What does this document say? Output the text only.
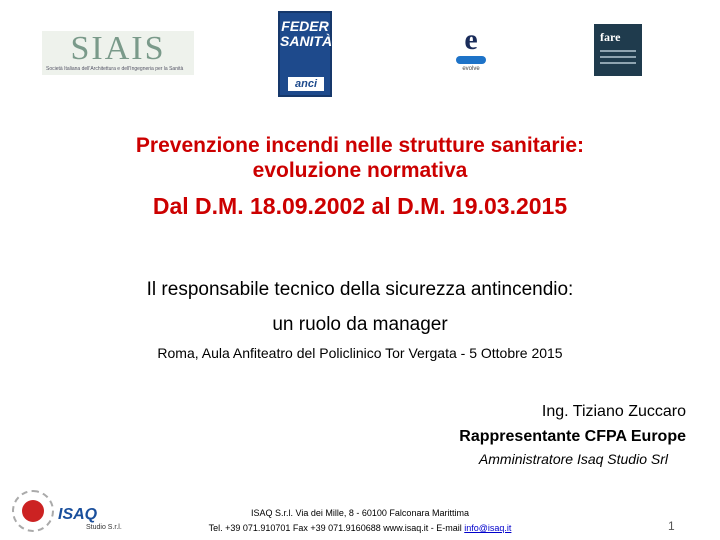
SIAIS
Società Italiana dell'Architettura e dell'Ingegneria per la Sanità
FEDER SANITÀ
anci
e
evolve
fare
Prevenzione incendi nelle strutture sanitarie:
evoluzione normativa
Dal D.M. 18.09.2002 al D.M. 19.03.2015
Il responsabile tecnico della sicurezza antincendio:
un ruolo da manager
Roma, Aula Anfiteatro del Policlinico Tor Vergata - 5 Ottobre 2015
Ing. Tiziano Zuccaro
Rappresentante CFPA Europe
Amministratore Isaq Studio Srl
ISAQ
Studio S.r.l.
ISAQ S.r.l. Via dei Mille, 8 - 60100 Falconara Marittima
Tel. +39 071.910701 Fax +39 071.9160688 www.isaq.it - E-mail info@isaq.it	1
